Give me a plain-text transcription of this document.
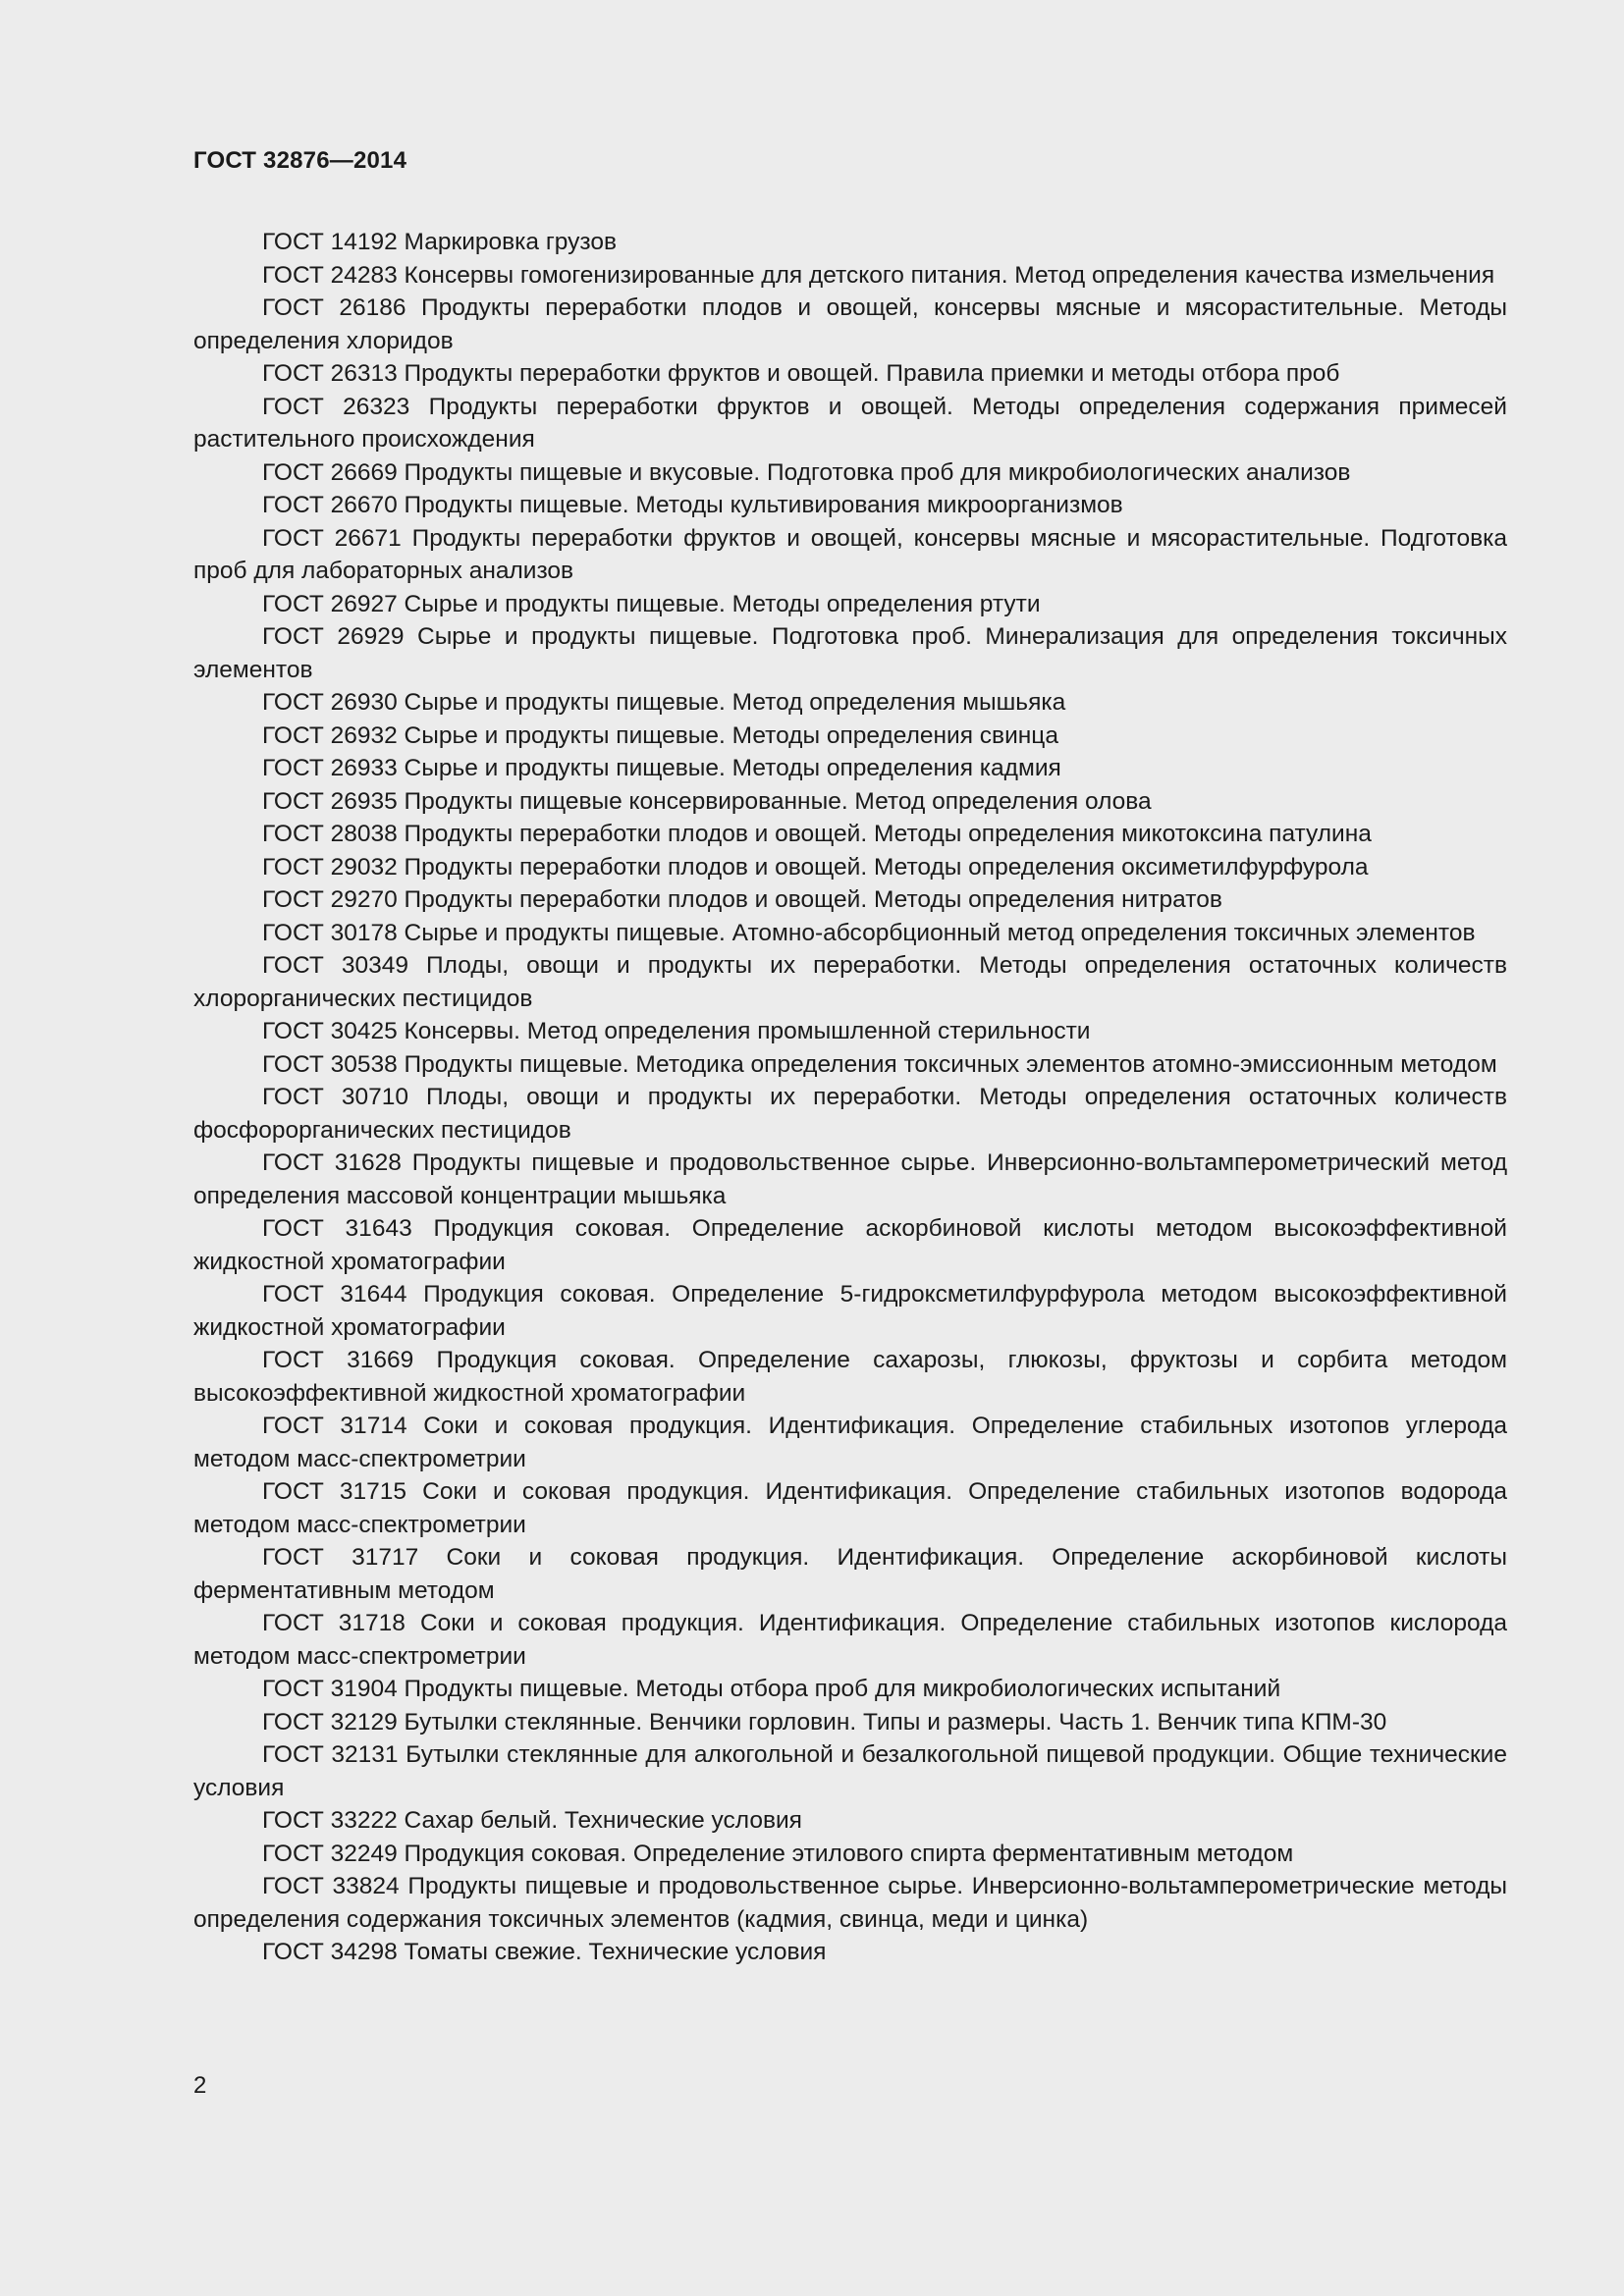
ГОСТ 32876—2014
ГОСТ 14192 Маркировка грузов
ГОСТ 24283 Консервы гомогенизированные для детского питания. Метод определения качества измельчения
ГОСТ 26186 Продукты переработки плодов и овощей, консервы мясные и мясорастительные. Методы определения хлоридов
ГОСТ 26313 Продукты переработки фруктов и овощей. Правила приемки и методы отбора проб
ГОСТ 26323 Продукты переработки фруктов и овощей. Методы определения содержания примесей растительного происхождения
ГОСТ 26669 Продукты пищевые и вкусовые. Подготовка проб для микробиологических анализов
ГОСТ 26670 Продукты пищевые. Методы культивирования микроорганизмов
ГОСТ 26671 Продукты переработки фруктов и овощей, консервы мясные и мясорастительные. Подготовка проб для лабораторных анализов
ГОСТ 26927 Сырье и продукты пищевые. Методы определения ртути
ГОСТ 26929 Сырье и продукты пищевые. Подготовка проб. Минерализация для определения токсичных элементов
ГОСТ 26930 Сырье и продукты пищевые. Метод определения мышьяка
ГОСТ 26932 Сырье и продукты пищевые. Методы определения свинца
ГОСТ 26933 Сырье и продукты пищевые. Методы определения кадмия
ГОСТ 26935 Продукты пищевые консервированные. Метод определения олова
ГОСТ 28038 Продукты переработки плодов и овощей. Методы определения микотоксина патулина
ГОСТ 29032 Продукты переработки плодов и овощей. Методы определения оксиметилфурфурола
ГОСТ 29270 Продукты переработки плодов и овощей. Методы определения нитратов
ГОСТ 30178 Сырье и продукты пищевые. Атомно-абсорбционный метод определения токсичных элементов
ГОСТ 30349 Плоды, овощи и продукты их переработки. Методы определения остаточных количеств хлорорганических пестицидов
ГОСТ 30425 Консервы. Метод определения промышленной стерильности
ГОСТ 30538 Продукты пищевые. Методика определения токсичных элементов атомно-эмиссионным методом
ГОСТ 30710 Плоды, овощи и продукты их переработки. Методы определения остаточных количеств фосфорорганических пестицидов
ГОСТ 31628 Продукты пищевые и продовольственное сырье. Инверсионно-вольтамперометрический метод определения массовой концентрации мышьяка
ГОСТ 31643 Продукция соковая. Определение аскорбиновой кислоты методом высокоэффективной жидкостной хроматографии
ГОСТ 31644 Продукция соковая. Определение 5-гидроксметилфурфурола методом высокоэффективной жидкостной хроматографии
ГОСТ 31669 Продукция соковая. Определение сахарозы, глюкозы, фруктозы и сорбита методом высокоэффективной жидкостной хроматографии
ГОСТ 31714 Соки и соковая продукция. Идентификация. Определение стабильных изотопов углерода методом масс-спектрометрии
ГОСТ 31715 Соки и соковая продукция. Идентификация. Определение стабильных изотопов водорода методом масс-спектрометрии
ГОСТ 31717 Соки и соковая продукция. Идентификация. Определение аскорбиновой кислоты ферментативным методом
ГОСТ 31718 Соки и соковая продукция. Идентификация. Определение стабильных изотопов кислорода методом масс-спектрометрии
ГОСТ 31904 Продукты пищевые. Методы отбора проб для микробиологических испытаний
ГОСТ 32129 Бутылки стеклянные. Венчики горловин. Типы и размеры. Часть 1. Венчик типа КПМ-30
ГОСТ 32131 Бутылки стеклянные для алкогольной и безалкогольной пищевой продукции. Общие технические условия
ГОСТ 33222 Сахар белый. Технические условия
ГОСТ 32249 Продукция соковая. Определение этилового спирта ферментативным методом
ГОСТ 33824 Продукты пищевые и продовольственное сырье. Инверсионно-вольтамперометрические методы определения содержания токсичных элементов (кадмия, свинца, меди и цинка)
ГОСТ 34298 Томаты свежие. Технические условия
2
